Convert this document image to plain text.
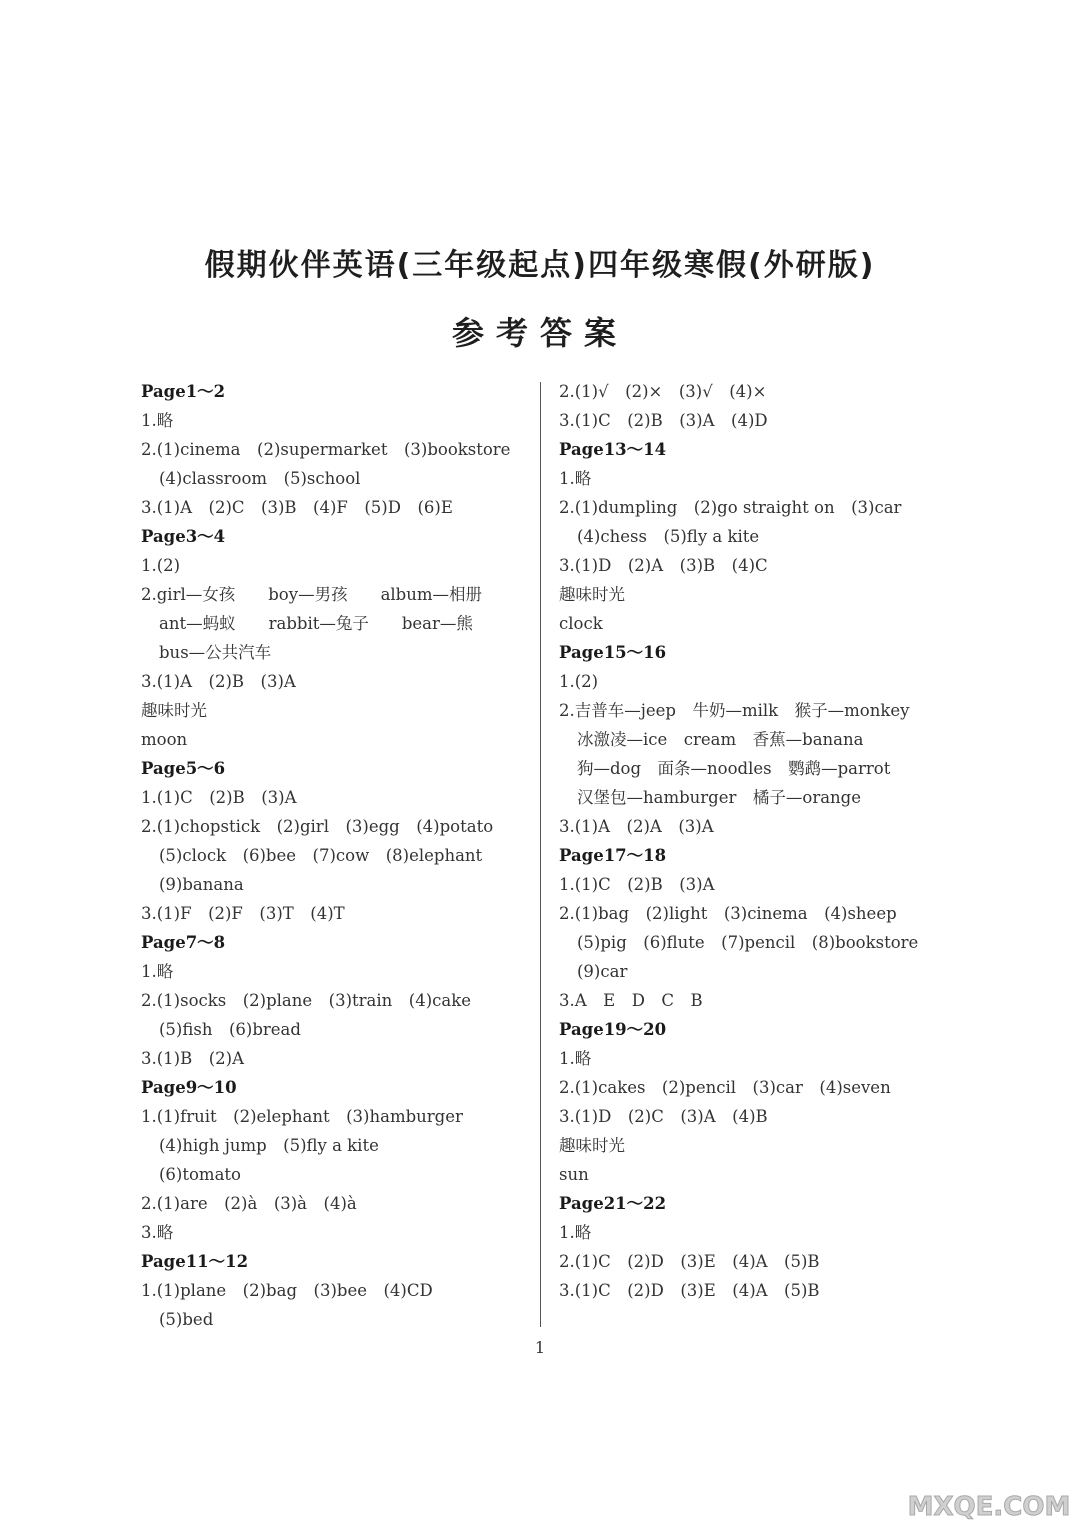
假期伙伴英语(三年级起点)四年级寒假(外研版)
参考答案
Page1～2
1.略
2.(1)cinema　(2)supermarket　(3)bookstore
(4)classroom　(5)school
3.(1)A　(2)C　(3)B　(4)F　(5)D　(6)E
Page3～4
1.(2)
2.girl—女孩　　boy—男孩　　album—相册
ant—蚂蚁　　rabbit—兔子　　bear—熊
bus—公共汽车
3.(1)A　(2)B　(3)A
趣味时光
moon
Page5～6
1.(1)C　(2)B　(3)A
2.(1)chopstick　(2)girl　(3)egg　(4)potato
(5)clock　(6)bee　(7)cow　(8)elephant
(9)banana
3.(1)F　(2)F　(3)T　(4)T
Page7～8
1.略
2.(1)socks　(2)plane　(3)train　(4)cake
(5)fish　(6)bread
3.(1)B　(2)A
Page9～10
1.(1)fruit　(2)elephant　(3)hamburger
(4)high jump　(5)fly a kite
(6)tomato
2.(1)are　(2)à　(3)à　(4)à
3.略
Page11～12
1.(1)plane　(2)bag　(3)bee　(4)CD
(5)bed
2.(1)√　(2)×　(3)√　(4)×
3.(1)C　(2)B　(3)A　(4)D
Page13～14
1.略
2.(1)dumpling　(2)go straight on　(3)car
(4)chess　(5)fly a kite
3.(1)D　(2)A　(3)B　(4)C
趣味时光
clock
Page15～16
1.(2)
2.吉普车—jeep　牛奶—milk　猴子—monkey
冰激凌—ice　cream　香蕉—banana
狗—dog　面条—noodles　鹦鹉—parrot
汉堡包—hamburger　橘子—orange
3.(1)A　(2)A　(3)A
Page17～18
1.(1)C　(2)B　(3)A
2.(1)bag　(2)light　(3)cinema　(4)sheep
(5)pig　(6)flute　(7)pencil　(8)bookstore
(9)car
3.A　E　D　C　B
Page19～20
1.略
2.(1)cakes　(2)pencil　(3)car　(4)seven
3.(1)D　(2)C　(3)A　(4)B
趣味时光
sun
Page21～22
1.略
2.(1)C　(2)D　(3)E　(4)A　(5)B
3.(1)C　(2)D　(3)E　(4)A　(5)B
1
MXQE.COM
